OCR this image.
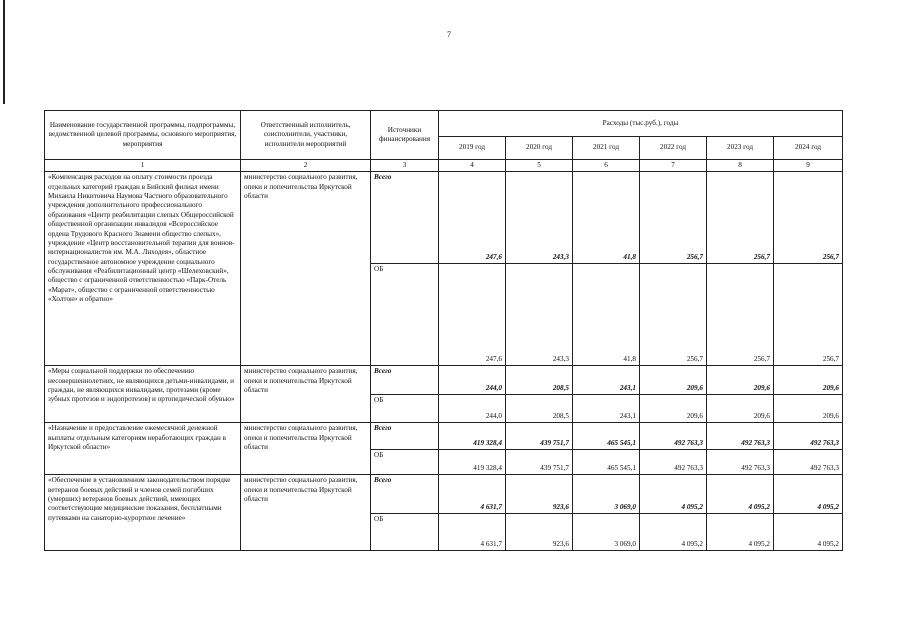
7
Наименование государственной программы, подпрограммы, ведомственной целевой программы, основного мероприятия, мероприятия	Ответственный исполнитель, соисполнители, участники, исполнители мероприятий	Источники финансирования	Расходы (тыс.руб.), годы					
			2019 год	2020 год	2021 год	2022 год	2023 год	2024 год
1	2	3	4	5	6	7	8	9
«Компенсация расходов на оплату стоимости проезда отдельных категорий граждан в Бийский филиал имени Михаила Никитовича Наумова Частного образовательного учреждения дополнительного профессионального образования «Центр реабилитации слепых Общероссийской общественной организации инвалидов «Всероссийское ордена Трудового Красного Знамени общество слепых», учреждение «Центр восстановительной терапии для воинов-интернационалистов им. М.А. Лиходея», областное государственное автономное учреждение социального обслуживания «Реабилитационный центр «Шелеховский», общество с ограниченной ответственностью «Парк-Отель «Марат», общество с ограниченной ответственностью «Холтон» и обратно»	министерство социального развития, опеки и попечительства Иркутской области	Всего	247,6	243,3	41,8	256,7	256,7	256,7
		ОБ	247,6	243,3	41,8	256,7	256,7	256,7
«Меры социальной поддержки по обеспечению несовершеннолетних, не являющихся детьми-инвалидами, и граждан, не являющихся инвалидами, протезами (кроме зубных протезов и эндопротезов) и ортопедической обувью»	министерство социального развития, опеки и попечительства Иркутской области	Всего	244,0	208,5	243,1	209,6	209,6	209,6
		ОБ	244,0	208,5	243,1	209,6	209,6	209,6
«Назначение и предоставление ежемесячной денежной выплаты отдельным категориям неработающих граждан в Иркутской области»	министерство социального развития, опеки и попечительства Иркутской области	Всего	419 328,4	439 751,7	465 545,1	492 763,3	492 763,3	492 763,3
		ОБ	419 328,4	439 751,7	465 545,1	492 763,3	492 763,3	492 763,3
«Обеспечение в установленном законодательством порядке ветеранов боевых действий и членов семей погибших (умерших) ветеранов боевых действий, имеющих соответствующие медицинские показания, бесплатными путевками на санаторно-курортное лечение»	министерство социального развития, опеки и попечительства Иркутской области	Всего	4 631,7	923,6	3 069,0	4 095,2	4 095,2	4 095,2
		ОБ	4 631,7	923,6	3 069,0	4 095,2	4 095,2	4 095,2
